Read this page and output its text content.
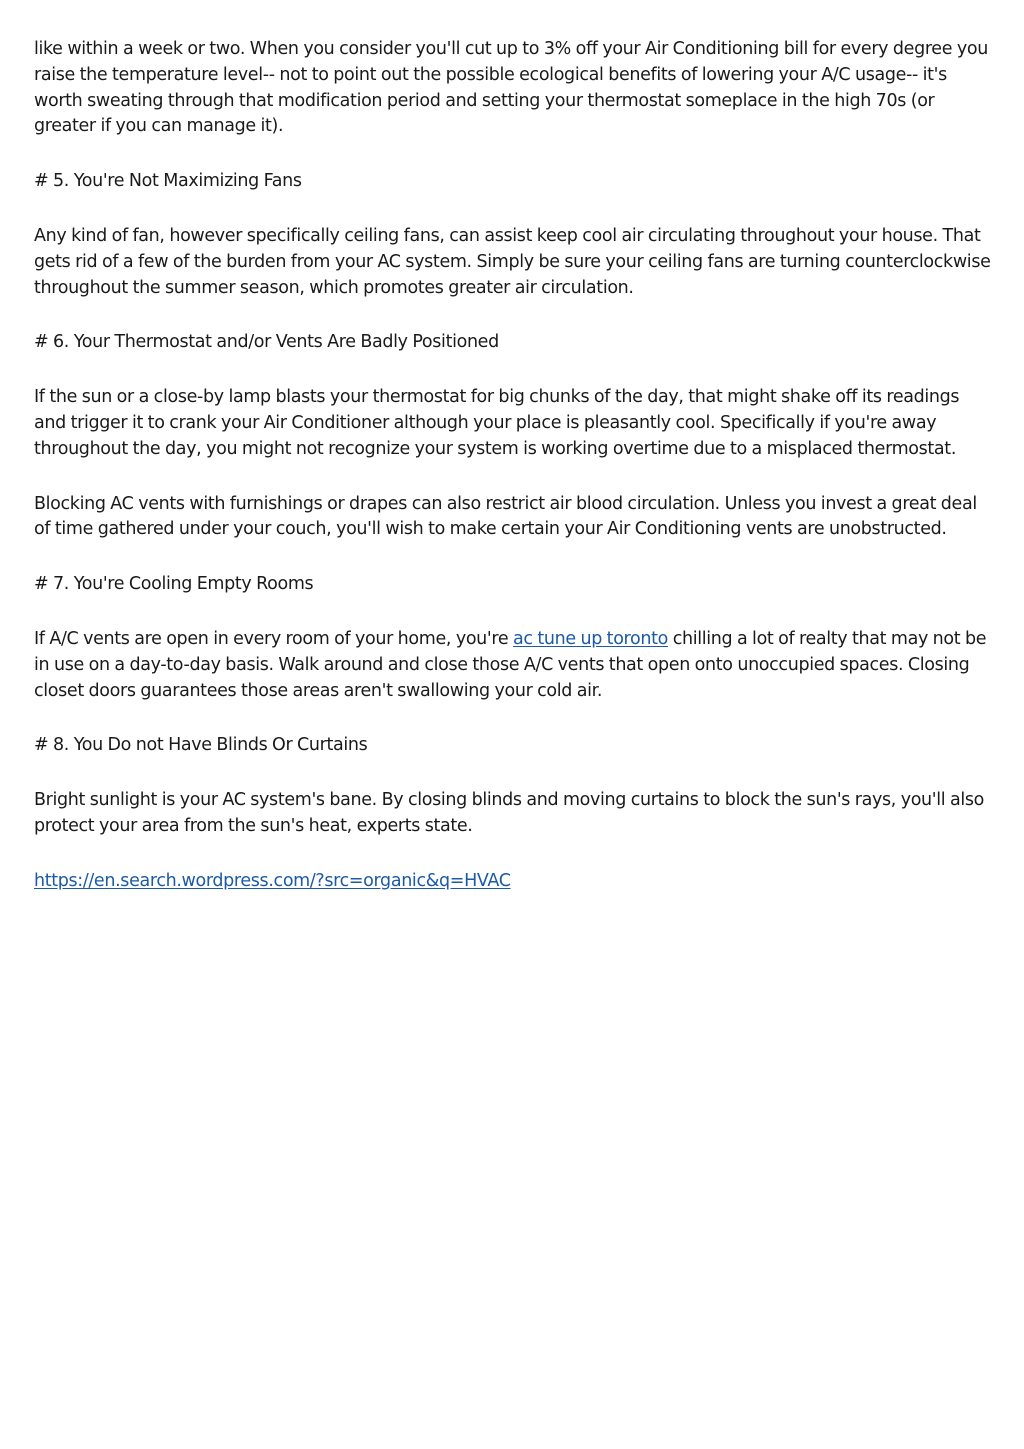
like within a week or two. When you consider you'll cut up to 3% off your Air Conditioning bill for every degree you raise the temperature level-- not to point out the possible ecological benefits of lowering your A/C usage-- it's worth sweating through that modification period and setting your thermostat someplace in the high 70s (or greater if you can manage it).

# 5. You're Not Maximizing Fans

Any kind of fan, however specifically ceiling fans, can assist keep cool air circulating throughout your house. That gets rid of a few of the burden from your AC system. Simply be sure your ceiling fans are turning counterclockwise throughout the summer season, which promotes greater air circulation.

# 6. Your Thermostat and/or Vents Are Badly Positioned

If the sun or a close-by lamp blasts your thermostat for big chunks of the day, that might shake off its readings and trigger it to crank your Air Conditioner although your place is pleasantly cool. Specifically if you're away throughout the day, you might not recognize your system is working overtime due to a misplaced thermostat.

Blocking AC vents with furnishings or drapes can also restrict air blood circulation. Unless you invest a great deal of time gathered under your couch, you'll wish to make certain your Air Conditioning vents are unobstructed.

# 7. You're Cooling Empty Rooms

If A/C vents are open in every room of your home, you're ac tune up toronto chilling a lot of realty that may not be in use on a day-to-day basis. Walk around and close those A/C vents that open onto unoccupied spaces. Closing closet doors guarantees those areas aren't swallowing your cold air.

# 8. You Do not Have Blinds Or Curtains

Bright sunlight is your AC system's bane. By closing blinds and moving curtains to block the sun's rays, you'll also protect your area from the sun's heat, experts state.

https://en.search.wordpress.com/?src=organic&q=HVAC
